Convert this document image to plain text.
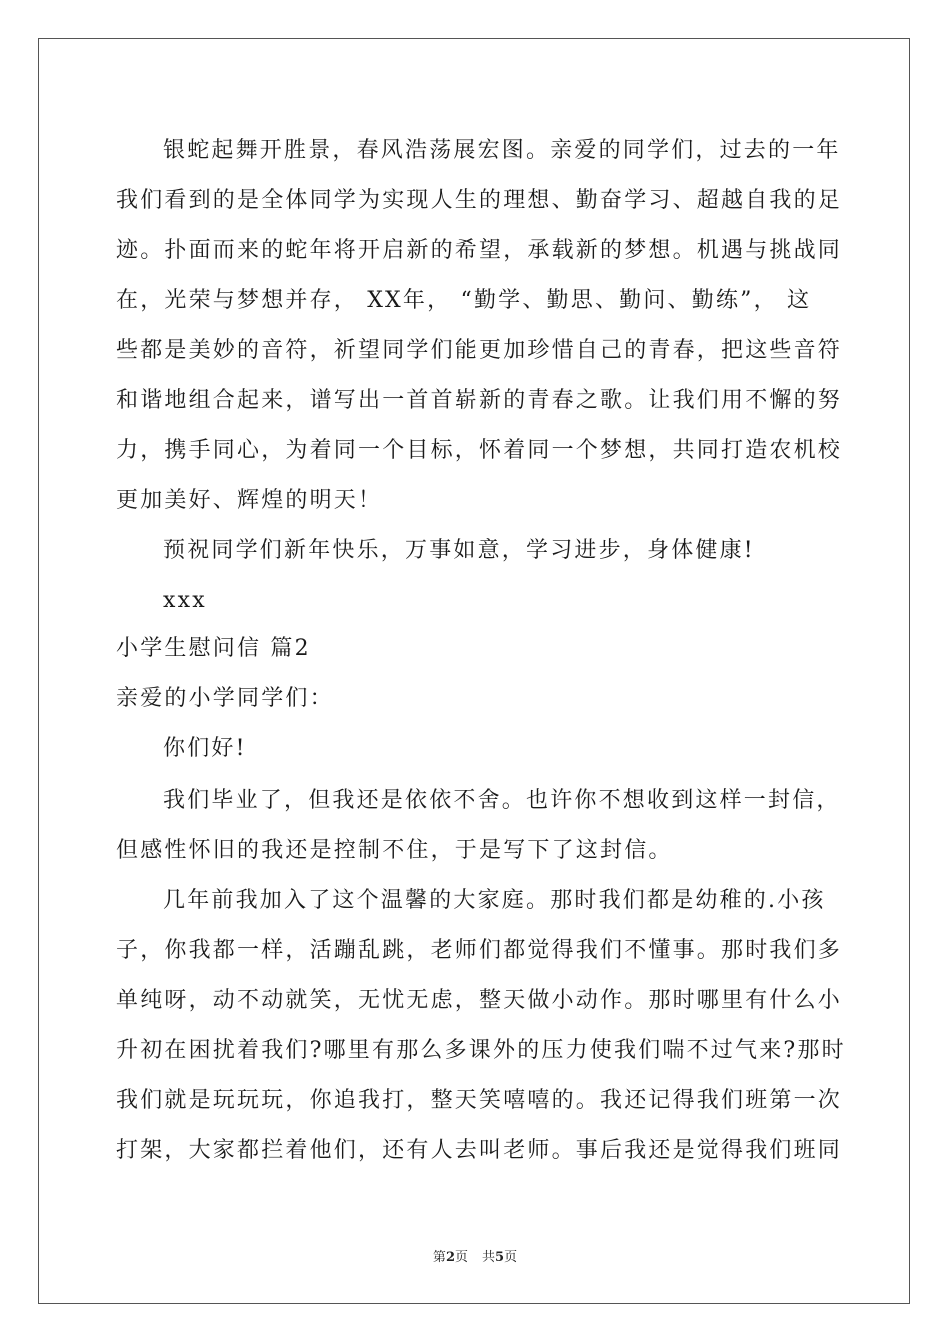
银蛇起舞开胜景，春风浩荡展宏图。亲爱的同学们，过去的一年
我们看到的是全体同学为实现人生的理想、勤奋学习、超越自我的足
迹。扑面而来的蛇年将开启新的希望，承载新的梦想。机遇与挑战同
在，光荣与梦想并存， XX年， “勤学、勤思、勤问、勤练”， 这
些都是美妙的音符，祈望同学们能更加珍惜自己的青春，把这些音符
和谐地组合起来，谱写出一首首崭新的青春之歌。让我们用不懈的努
力，携手同心，为着同一个目标，怀着同一个梦想，共同打造农机校
更加美好、辉煌的明天！
预祝同学们新年快乐，万事如意，学习进步，身体健康!
xxx
小学生慰问信 篇2
亲爱的小学同学们：
你们好!
我们毕业了，但我还是依依不舍。也许你不想收到这样一封信，
但感性怀旧的我还是控制不住，于是写下了这封信。
几年前我加入了这个温馨的大家庭。那时我们都是幼稚的.小孩
子，你我都一样，活蹦乱跳，老师们都觉得我们不懂事。那时我们多
单纯呀，动不动就笑，无忧无虑，整天做小动作。那时哪里有什么小
升初在困扰着我们?哪里有那么多课外的压力使我们喘不过气来?那时
我们就是玩玩玩，你追我打，整天笑嘻嘻的。我还记得我们班第一次
打架，大家都拦着他们，还有人去叫老师。事后我还是觉得我们班同
第2页 共5页
